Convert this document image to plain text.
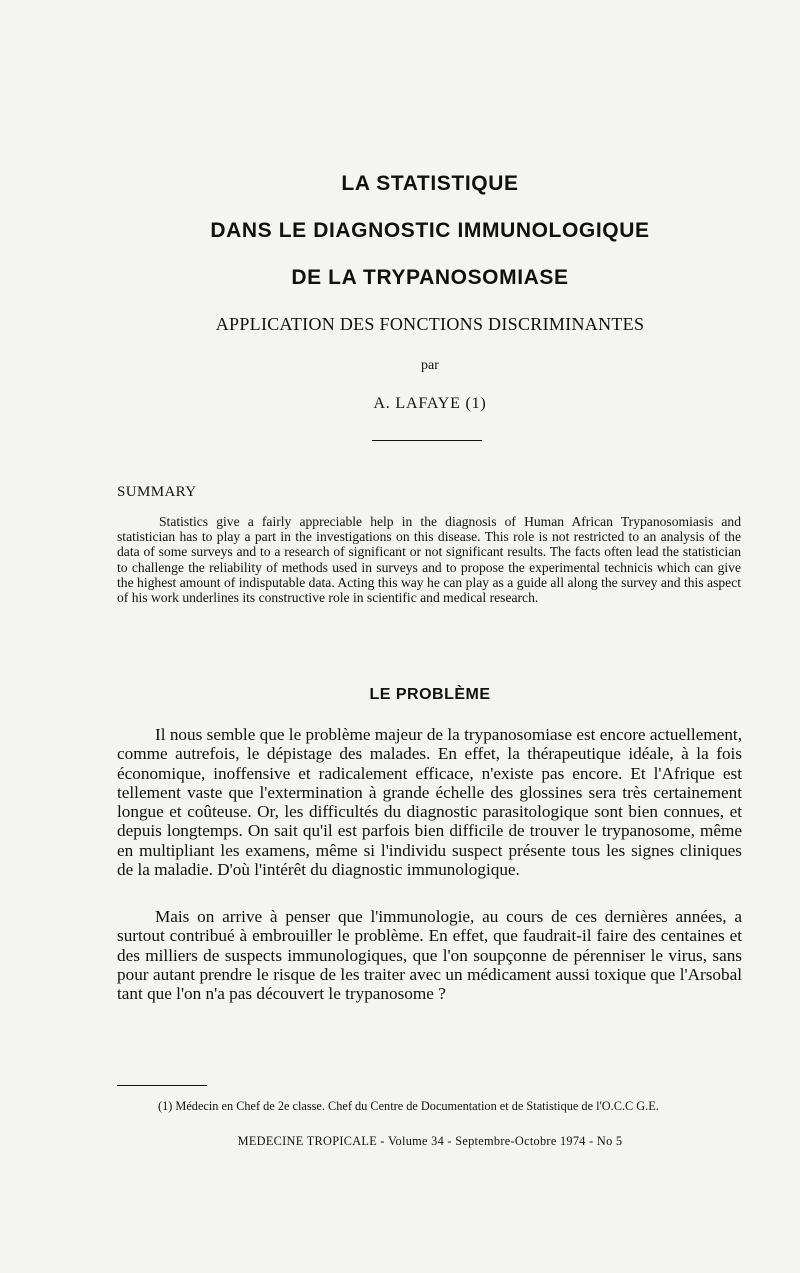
LA STATISTIQUE
DANS LE DIAGNOSTIC IMMUNOLOGIQUE
DE LA TRYPANOSOMIASE
APPLICATION DES FONCTIONS DISCRIMINANTES
par
A. LAFAYE (1)
SUMMARY
Statistics give a fairly appreciable help in the diagnosis of Human African Trypanosomiasis and statistician has to play a part in the investigations on this disease. This role is not restricted to an analysis of the data of some surveys and to a research of significant or not significant results. The facts often lead the statistician to challenge the reliability of methods used in surveys and to propose the experimental technicis which can give the highest amount of indisputable data. Acting this way he can play as a guide all along the survey and this aspect of his work underlines its constructive role in scientific and medical research.
LE PROBLÈME
Il nous semble que le problème majeur de la trypanosomiase est encore actuellement, comme autrefois, le dépistage des malades. En effet, la thérapeutique idéale, à la fois économique, inoffensive et radicalement efficace, n'existe pas encore. Et l'Afrique est tellement vaste que l'extermination à grande échelle des glossines sera très certainement longue et coûteuse. Or, les difficultés du diagnostic parasitologique sont bien connues, et depuis longtemps. On sait qu'il est parfois bien difficile de trouver le trypanosome, même en multipliant les examens, même si l'individu suspect présente tous les signes cliniques de la maladie. D'où l'intérêt du diagnostic immunologique.
Mais on arrive à penser que l'immunologie, au cours de ces dernières années, a surtout contribué à embrouiller le problème. En effet, que faudrait-il faire des centaines et des milliers de suspects immunologiques, que l'on soupçonne de pérenniser le virus, sans pour autant prendre le risque de les traiter avec un médicament aussi toxique que l'Arsobal tant que l'on n'a pas découvert le trypanosome ?
(1) Médecin en Chef de 2e classe. Chef du Centre de Documentation et de Statistique de l'O.C.C G.E.
MEDECINE TROPICALE - Volume 34 - Septembre-Octobre 1974 - No 5
